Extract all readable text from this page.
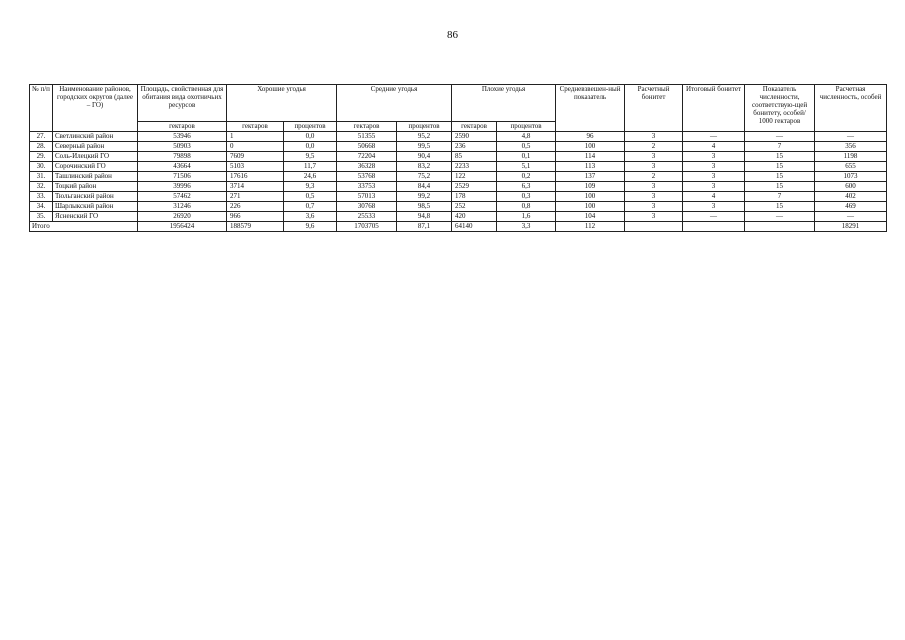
86
№ п/п	Наименование районов, городских округов (далее – ГО)	Площадь, свойственная для обитания вида охотничьих ресурсов	Хорошие угодья		Средние угодья		Плохие угодья		Средневзвешен-ный показатель	Расчетный бонитет	Итоговый бонитет	Показатель численности, соответствую-щей бонитету, особей/ 1000 гектаров	Расчетная численность, особей
		гектаров	гектаров	процентов	гектаров	процентов	гектаров	процентов					
27.	Светлинский район	53946	1	0,0	51355	95,2	2590	4,8	96	3	—	—	—
28.	Северный район	50903	0	0,0	50668	99,5	236	0,5	100	2	4	7	356
29.	Соль-Илецкий ГО	79898	7609	9,5	72204	90,4	85	0,1	114	3	3	15	1198
30.	Сорочинский ГО	43664	5103	11,7	36328	83,2	2233	5,1	113	3	3	15	655
31.	Ташлинский район	71506	17616	24,6	53768	75,2	122	0,2	137	2	3	15	1073
32.	Тоцкий район	39996	3714	9,3	33753	84,4	2529	6,3	109	3	3	15	600
33.	Тюльганский район	57462	271	0,5	57013	99,2	178	0,3	100	3	4	7	402
34.	Шарлыкский район	31246	226	0,7	30768	98,5	252	0,8	100	3	3	15	469
35.	Ясненский ГО	26920	966	3,6	25533	94,8	420	1,6	104	3	—	—	—
Итого		1956424	188579	9,6	1703705	87,1	64140	3,3	112				18291
